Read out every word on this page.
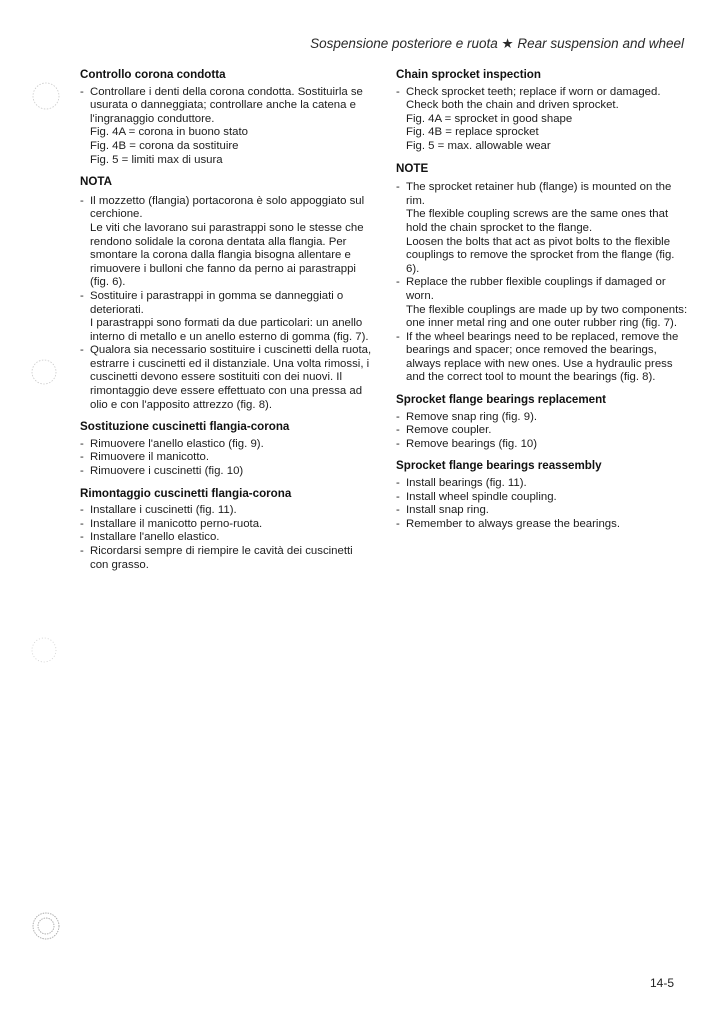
Sospensione posteriore e ruota ★ Rear suspension and wheel
Controllo corona condotta
- Controllare i denti della corona condotta. Sostituirla se usurata o danneggiata; controllare anche la catena e l'ingranaggio conduttore.
Fig. 4A = corona in buono stato
Fig. 4B = corona da sostituire
Fig. 5 = limiti max di usura
NOTA
- Il mozzetto (flangia) portacorona è solo appoggiato sul cerchione.
Le viti che lavorano sui parastrappi sono le stesse che rendono solidale la corona dentata alla flangia. Per smontare la corona dalla flangia bisogna allentare e rimuovere i bulloni che fanno da perno ai parastrappi (fig. 6).
- Sostituire i parastrappi in gomma se danneggiati o deteriorati.
I parastrappi sono formati da due particolari: un anello interno di metallo e un anello esterno di gomma (fig. 7).
- Qualora sia necessario sostituire i cuscinetti della ruota, estrarre i cuscinetti ed il distanziale. Una volta rimossi, i cuscinetti devono essere sostituiti con dei nuovi. Il rimontaggio deve essere effettuato con una pressa ad olio e con l'apposito attrezzo (fig. 8).
Sostituzione cuscinetti flangia-corona
- Rimuovere l'anello elastico (fig. 9).
- Rimuovere il manicotto.
- Rimuovere i cuscinetti (fig. 10)
Rimontaggio cuscinetti flangia-corona
- Installare i cuscinetti (fig. 11).
- Installare il manicotto perno-ruota.
- Installare l'anello elastico.
- Ricordarsi sempre di riempire le cavità dei cuscinetti con grasso.
Chain sprocket inspection
- Check sprocket teeth; replace if worn or damaged. Check both the chain and driven sprocket.
Fig. 4A = sprocket in good shape
Fig. 4B = replace sprocket
Fig. 5 = max. allowable wear
NOTE
- The sprocket retainer hub (flange) is mounted on the rim.
The flexible coupling screws are the same ones that hold the chain sprocket to the flange.
Loosen the bolts that act as pivot bolts to the flexible couplings to remove the sprocket from the flange (fig. 6).
- Replace the rubber flexible couplings if damaged or worn.
The flexible couplings are made up by two components: one inner metal ring and one outer rubber ring (fig. 7).
- If the wheel bearings need to be replaced, remove the bearings and spacer; once removed the bearings, always replace with new ones. Use a hydraulic press and the correct tool to mount the bearings (fig. 8).
Sprocket flange bearings replacement
- Remove snap ring (fig. 9).
- Remove coupler.
- Remove bearings (fig. 10)
Sprocket flange bearings reassembly
- Install bearings (fig. 11).
- Install wheel spindle coupling.
- Install snap ring.
- Remember to always grease the bearings.
14-5
